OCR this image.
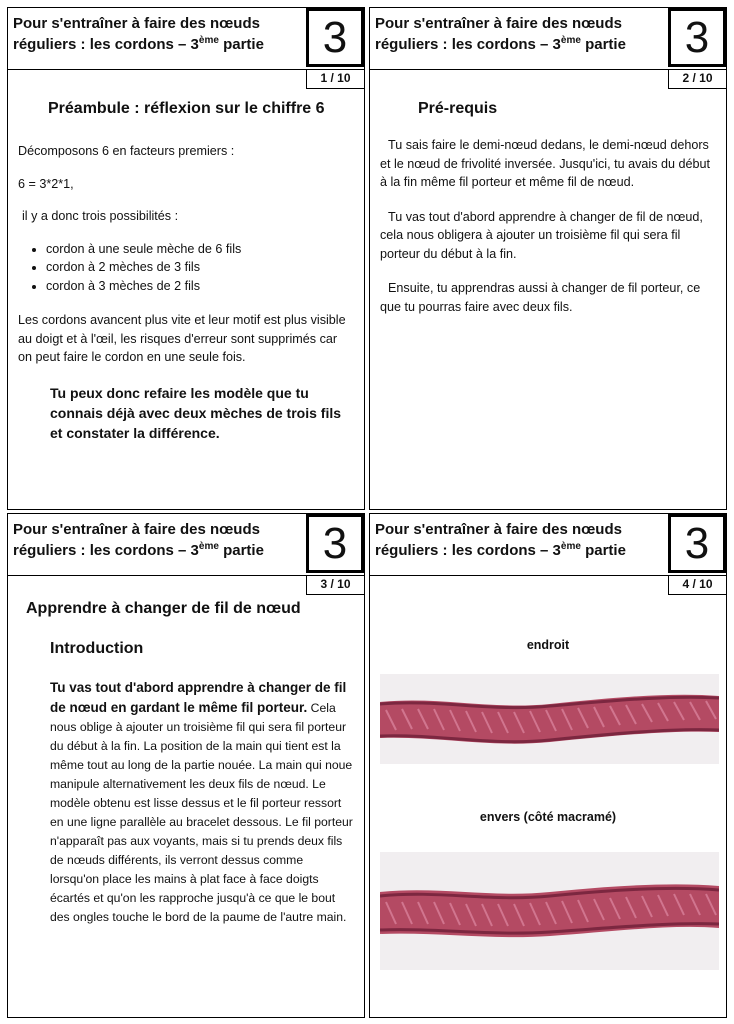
Pour s'entraîner à faire des nœuds
réguliers : les cordons – 3ème partie	3
1 / 10
Préambule : réflexion sur le chiffre 6

Décomposons 6 en facteurs premiers :

6 = 3*2*1,

il y a donc trois possibilités :

• cordon à une seule mèche de 6 fils
• cordon à 2 mèches de 3 fils
• cordon à 3 mèches de 2 fils

Les cordons avancent plus vite et leur motif est plus visible au doigt et à l'œil, les risques d'erreur sont supprimés car on peut faire le cordon en une seule fois.

Tu peux donc refaire les modèle que tu connais déjà avec deux mèches de trois fils et constater la différence.

Pour s'entraîner à faire des nœuds
réguliers : les cordons – 3ème partie	3
2 / 10
Pré-requis

Tu sais faire le demi-nœud dedans, le demi-nœud dehors et le nœud de frivolité inversée. Jusqu'ici, tu avais du début à la fin même fil porteur et même fil de nœud.

Tu vas tout d'abord apprendre à changer de fil de nœud, cela nous obligera à ajouter un troisième fil qui sera fil porteur du début à la fin.

Ensuite, tu apprendras aussi à changer de fil porteur, ce que tu pourras faire avec deux fils.

Pour s'entraîner à faire des nœuds
réguliers : les cordons – 3ème partie	3
3 / 10
Apprendre à changer de fil de nœud
Introduction

Tu vas tout d'abord apprendre à changer de fil de nœud en gardant le même fil porteur. Cela nous oblige à ajouter un troisième fil qui sera fil porteur du début à la fin. La position de la main qui tient est la même tout au long de la partie nouée. La main qui noue manipule alternativement les deux fils de nœud. Le modèle obtenu est lisse dessus et le fil porteur ressort en une ligne parallèle au bracelet dessous. Le fil porteur n'apparaît pas aux voyants, mais si tu prends deux fils de nœuds différents, ils verront dessus comme lorsqu'on place les mains à plat face à face doigts écartés et qu'on les rapproche jusqu'à ce que le bout des ongles touche le bord de la paume de l'autre main.

Pour s'entraîner à faire des nœuds
réguliers : les cordons – 3ème partie	3
4 / 10
endroit
envers (côté macramé)
